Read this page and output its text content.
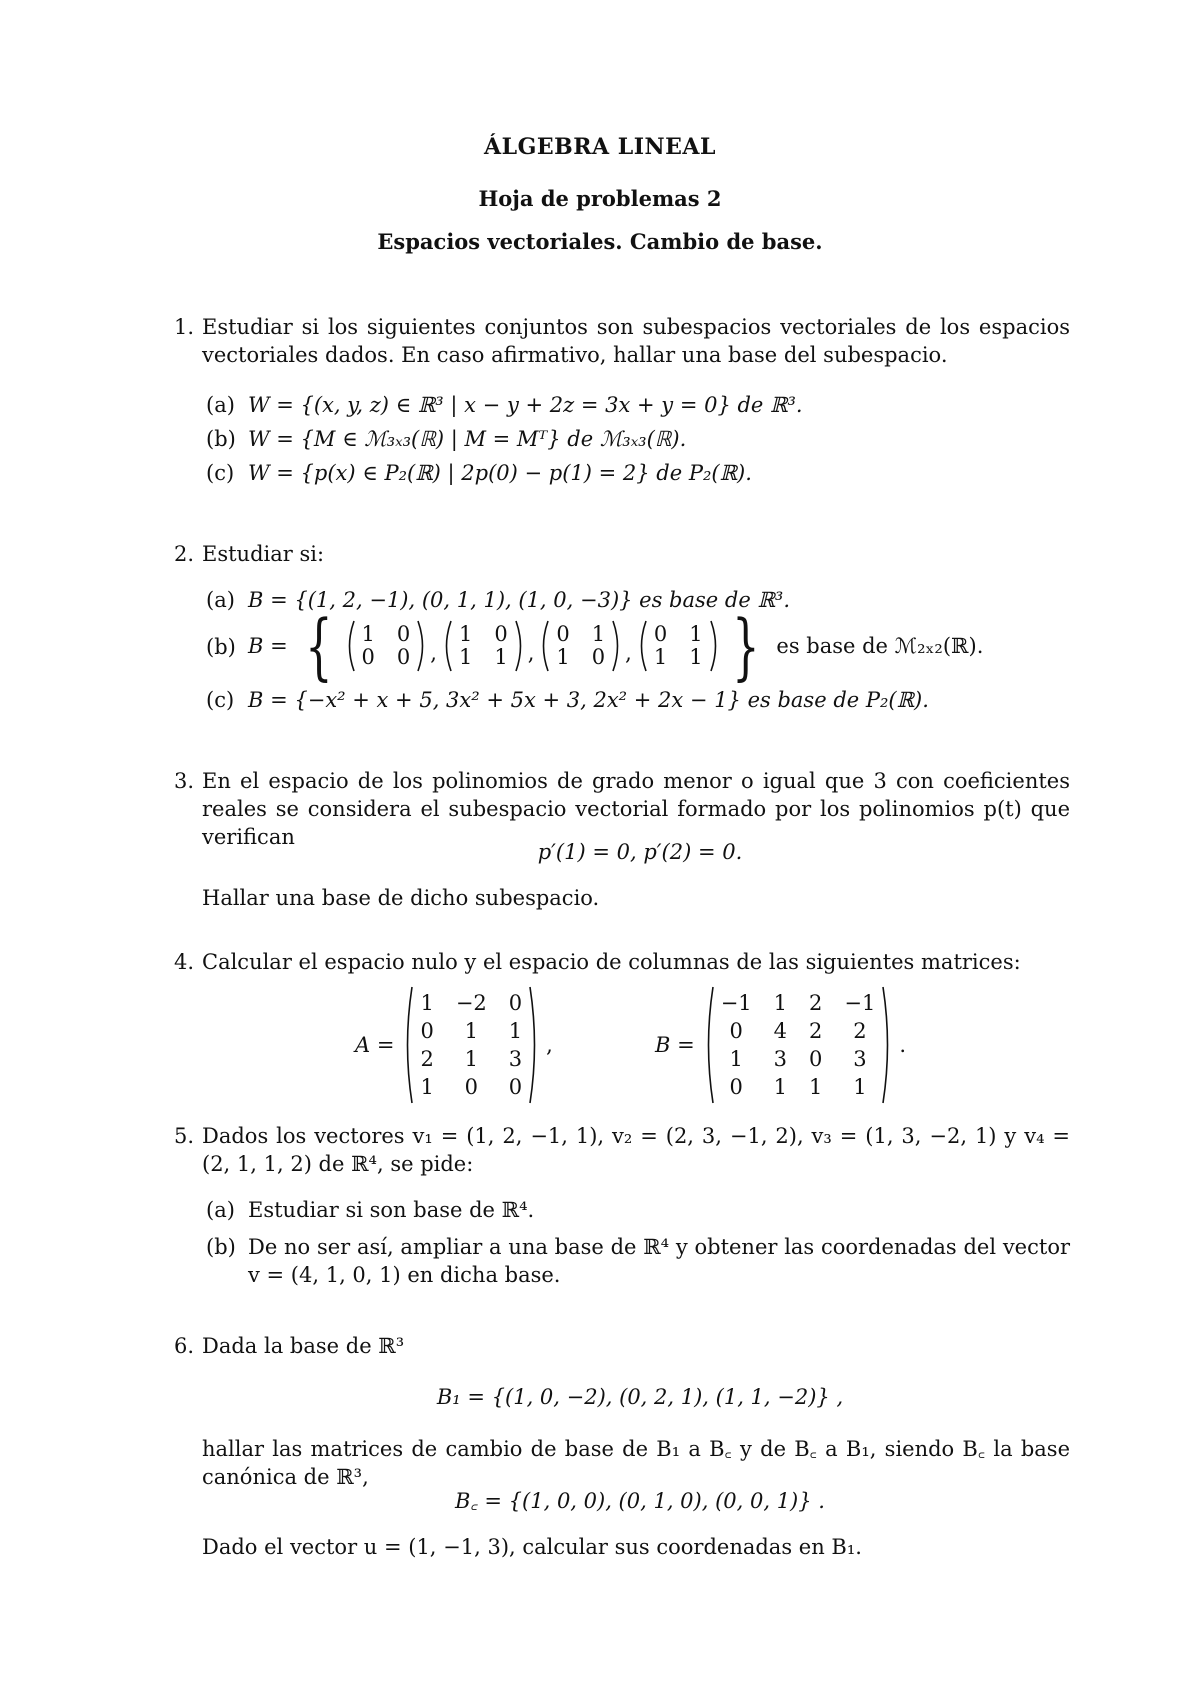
ÁLGEBRA LINEAL
Hoja de problemas 2
Espacios vectoriales. Cambio de base.
1. Estudiar si los siguientes conjuntos son subespacios vectoriales de los espacios vectoriales dados. En caso afirmativo, hallar una base del subespacio.
(a) W = {(x, y, z) ∈ ℝ³ | x − y + 2z = 3x + y = 0} de ℝ³.
(b) W = {M ∈ ℳ₃ₓ₃(ℝ) | M = Mᵀ} de ℳ₃ₓ₃(ℝ).
(c) W = {p(x) ∈ P₂(ℝ) | 2p(0) − p(1) = 2} de P₂(ℝ).
2. Estudiar si:
(a) B = {(1, 2, −1), (0, 1, 1), (1, 0, −3)} es base de ℝ³.
(b) B = { 1 0
0 0 ,
1 0
1 1 ,
0 1
1 0 ,
0 1
1 1 } es base de ℳ₂ₓ₂(ℝ).
(c) B = {−x² + x + 5, 3x² + 5x + 3, 2x² + 2x − 1} es base de P₂(ℝ).
3. En el espacio de los polinomios de grado menor o igual que 3 con coeficientes reales se considera el subespacio vectorial formado por los polinomios p(t) que verifican
p′(1) = 0, p′(2) = 0.
Hallar una base de dicho subespacio.
4. Calcular el espacio nulo y el espacio de columnas de las siguientes matrices:
A =
1 −2 0
0	1	1
2	1	3
1	0	0
,	B =
−1 1 2 −1
0	4 2	2
1	3 0	3
0	1 1	1
.
5. Dados los vectores v₁ = (1, 2, −1, 1), v₂ = (2, 3, −1, 2), v₃ = (1, 3, −2, 1) y v₄ = (2, 1, 1, 2) de ℝ⁴, se pide:
(a) Estudiar si son base de ℝ⁴.
(b) De no ser así, ampliar a una base de ℝ⁴ y obtener las coordenadas del vector v = (4, 1, 0, 1) en dicha base.
6. Dada la base de ℝ³
B₁ = {(1, 0, −2), (0, 2, 1), (1, 1, −2)} ,
hallar las matrices de cambio de base de B₁ a B꜀ y de B꜀ a B₁, siendo B꜀ la base canónica de ℝ³,
B꜀ = {(1, 0, 0), (0, 1, 0), (0, 0, 1)} .
Dado el vector u = (1, −1, 3), calcular sus coordenadas en B₁.
